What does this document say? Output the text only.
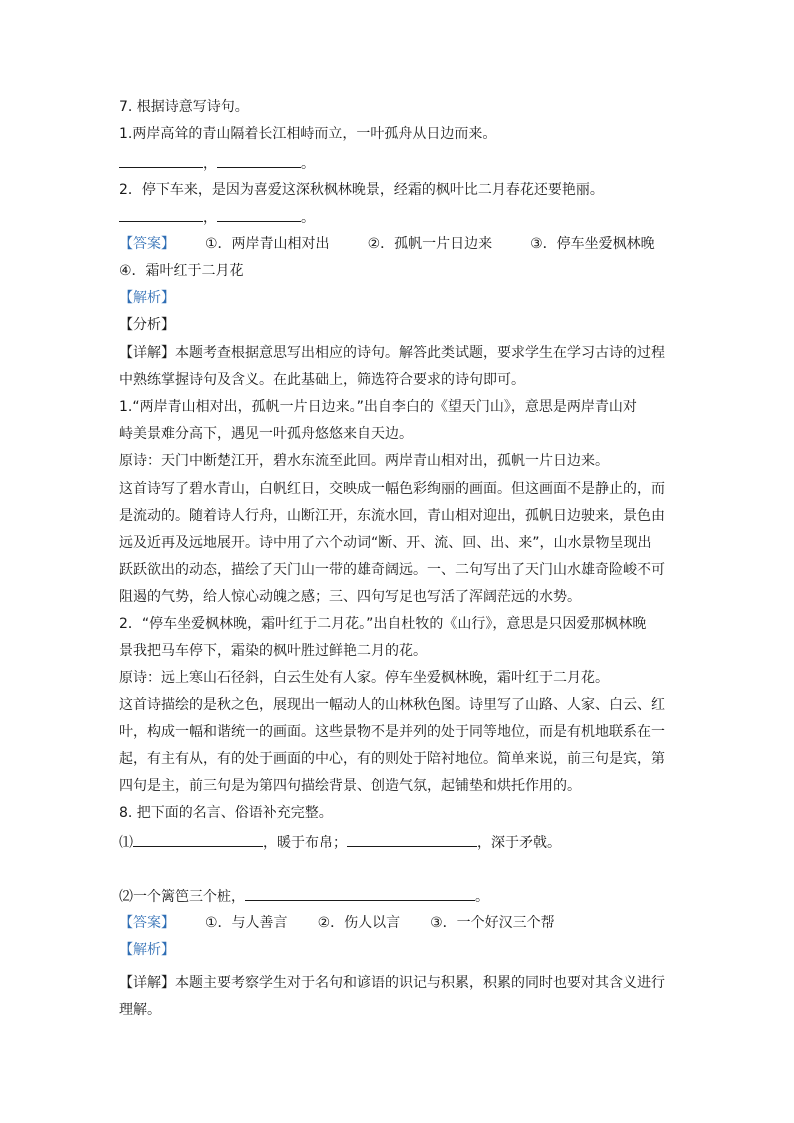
7. 根据诗意写诗句。
1.两岸高耸的青山隔着长江相峙而立，一叶孤舟从日边而来。
，	。
2．停下车来，是因为喜爱这深秋枫林晚景，经霜的枫叶比二月春花还要艳丽。
，	。
【答案】 ①．两岸青山相对出	②．孤帆一片日边来	③．停车坐爱枫林晚
④．霜叶红于二月花
【解析】
【分析】
【详解】本题考查根据意思写出相应的诗句。解答此类试题，要求学生在学习古诗的过程
中熟练掌握诗句及含义。在此基础上，筛选符合要求的诗句即可。
1.“两岸青山相对出，孤帆一片日边来。”出自李白的《望天门山》，意思是两岸青山对
峙美景难分高下，遇见一叶孤舟悠悠来自天边。
原诗：天门中断楚江开，碧水东流至此回。两岸青山相对出，孤帆一片日边来。
这首诗写了碧水青山，白帆红日，交映成一幅色彩绚丽的画面。但这画面不是静止的，而
是流动的。随着诗人行舟，山断江开，东流水回，青山相对迎出，孤帆日边驶来，景色由
远及近再及远地展开。诗中用了六个动词“断、开、流、回、出、来”，山水景物呈现出
跃跃欲出的动态，描绘了天门山一带的雄奇阔远。一、二句写出了天门山水雄奇险峻不可
阻遏的气势，给人惊心动魄之感；三、四句写足也写活了浑阔茫远的水势。
2．“停车坐爱枫林晚，霜叶红于二月花。”出自杜牧的《山行》，意思是只因爱那枫林晚
景我把马车停下，霜染的枫叶胜过鲜艳二月的花。
原诗：远上寒山石径斜，白云生处有人家。停车坐爱枫林晚，霜叶红于二月花。
这首诗描绘的是秋之色，展现出一幅动人的山林秋色图。诗里写了山路、人家、白云、红
叶，构成一幅和谐统一的画面。这些景物不是并列的处于同等地位，而是有机地联系在一
起，有主有从，有的处于画面的中心，有的则处于陪衬地位。简单来说，前三句是宾，第
四句是主，前三句是为第四句描绘背景、创造气氛，起铺垫和烘托作用的。
8. 把下面的名言、俗语补充完整。
⑴	，暖于布帛；	，深于矛戟。
⑵一个篱笆三个桩，	。
【答案】 ①．与人善言 ②．伤人以言 ③．一个好汉三个帮
【解析】
【详解】本题主要考察学生对于名句和谚语的识记与积累，积累的同时也要对其含义进行
理解。
